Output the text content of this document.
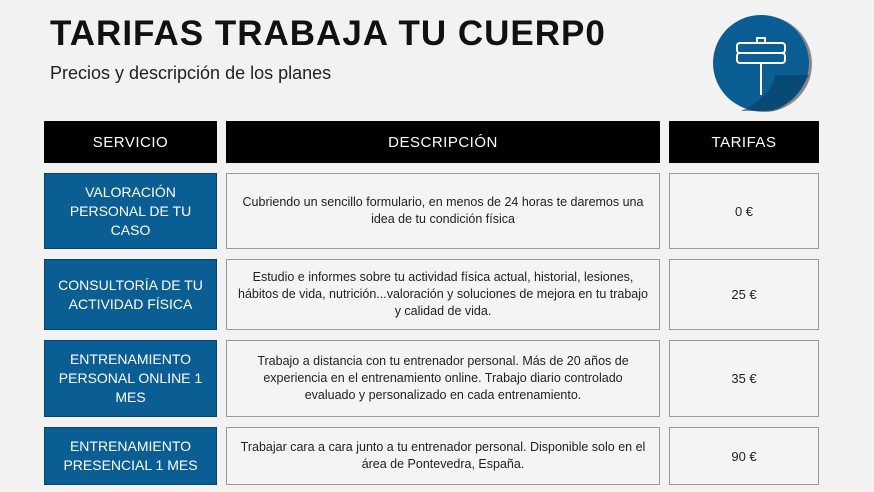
TARIFAS TRABAJA TU CUERP0
Precios y descripción de los planes
SERVICIO	DESCRIPCIÓN	TARIFAS
VALORACIÓN PERSONAL DE TU CASO
Cubriendo un sencillo formulario, en menos de 24 horas te daremos una idea de tu condición física
0 €
CONSULTORÍA DE TU ACTIVIDAD FÍSICA
Estudio e informes sobre tu actividad física actual, historial, lesiones, hábitos de vida, nutrición...valoración y soluciones de mejora en tu trabajo y calidad de vida.
25 €
ENTRENAMIENTO PERSONAL ONLINE 1 MES
Trabajo a distancia con tu entrenador personal. Más de 20 años de experiencia en el entrenamiento online. Trabajo diario controlado evaluado y personalizado en cada entrenamiento.
35 €
ENTRENAMIENTO PRESENCIAL 1 MES
Trabajar cara a cara junto a tu entrenador personal. Disponible solo en el área de Pontevedra, España.
90 €
